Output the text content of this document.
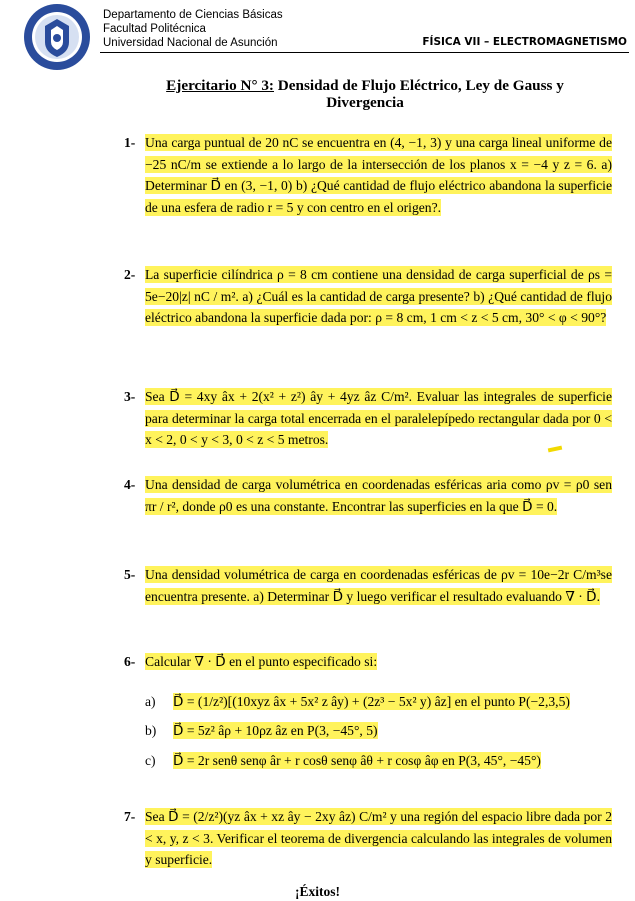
Departamento de Ciencias Básicas
Facultad Politécnica
Universidad Nacional de Asunción	FÍSICA VII – ELECTROMAGNETISMO
Ejercitario N° 3: Densidad de Flujo Eléctrico, Ley de Gauss y Divergencia
1- Una carga puntual de 20 nC se encuentra en (4, −1, 3) y una carga lineal uniforme de −25 nC/m se extiende a lo largo de la intersección de los planos x = −4 y z = 6. a) Determinar D⃗ en (3, −1, 0) b) ¿Qué cantidad de flujo eléctrico abandona la superficie de una esfera de radio r = 5 y con centro en el origen?.
2- La superficie cilíndrica ρ = 8 cm contiene una densidad de carga superficial de ρs = 5e−20|z| nC / m². a) ¿Cuál es la cantidad de carga presente? b) ¿Qué cantidad de flujo eléctrico abandona la superficie dada por: ρ = 8 cm, 1 cm < z < 5 cm, 30° < φ < 90°?
3- Sea D⃗ = 4xy âx + 2(x² + z²) ây + 4yz âz C/m². Evaluar las integrales de superficie para determinar la carga total encerrada en el paralelepípedo rectangular dada por 0 < x < 2, 0 < y < 3, 0 < z < 5 metros.
4- Una densidad de carga volumétrica en coordenadas esféricas aria como ρv = ρ0 sen πr / r², donde ρ0 es una constante. Encontrar las superficies en la que D⃗ = 0.
5- Una densidad volumétrica de carga en coordenadas esféricas de ρv = 10e−2r C/m³se encuentra presente. a) Determinar D⃗ y luego verificar el resultado evaluando ∇ · D⃗.
6- Calcular ∇ · D⃗ en el punto especificado si:
a) D⃗ = (1/z²)[(10xyz âx + 5x² z ây) + (2z³ − 5x² y) âz] en el punto P(−2,3,5)
b) D⃗ = 5z² âρ + 10ρz âz en P(3, −45°, 5)
c) D⃗ = 2r senθ senφ âr + r cosθ senφ âθ + r cosφ âφ en P(3, 45°, −45°)
7- Sea D⃗ = (2/z²)(yz âx + xz ây − 2xy âz) C/m² y una región del espacio libre dada por 2 < x, y, z < 3. Verificar el teorema de divergencia calculando las integrales de volumen y superficie.
¡Éxitos!
